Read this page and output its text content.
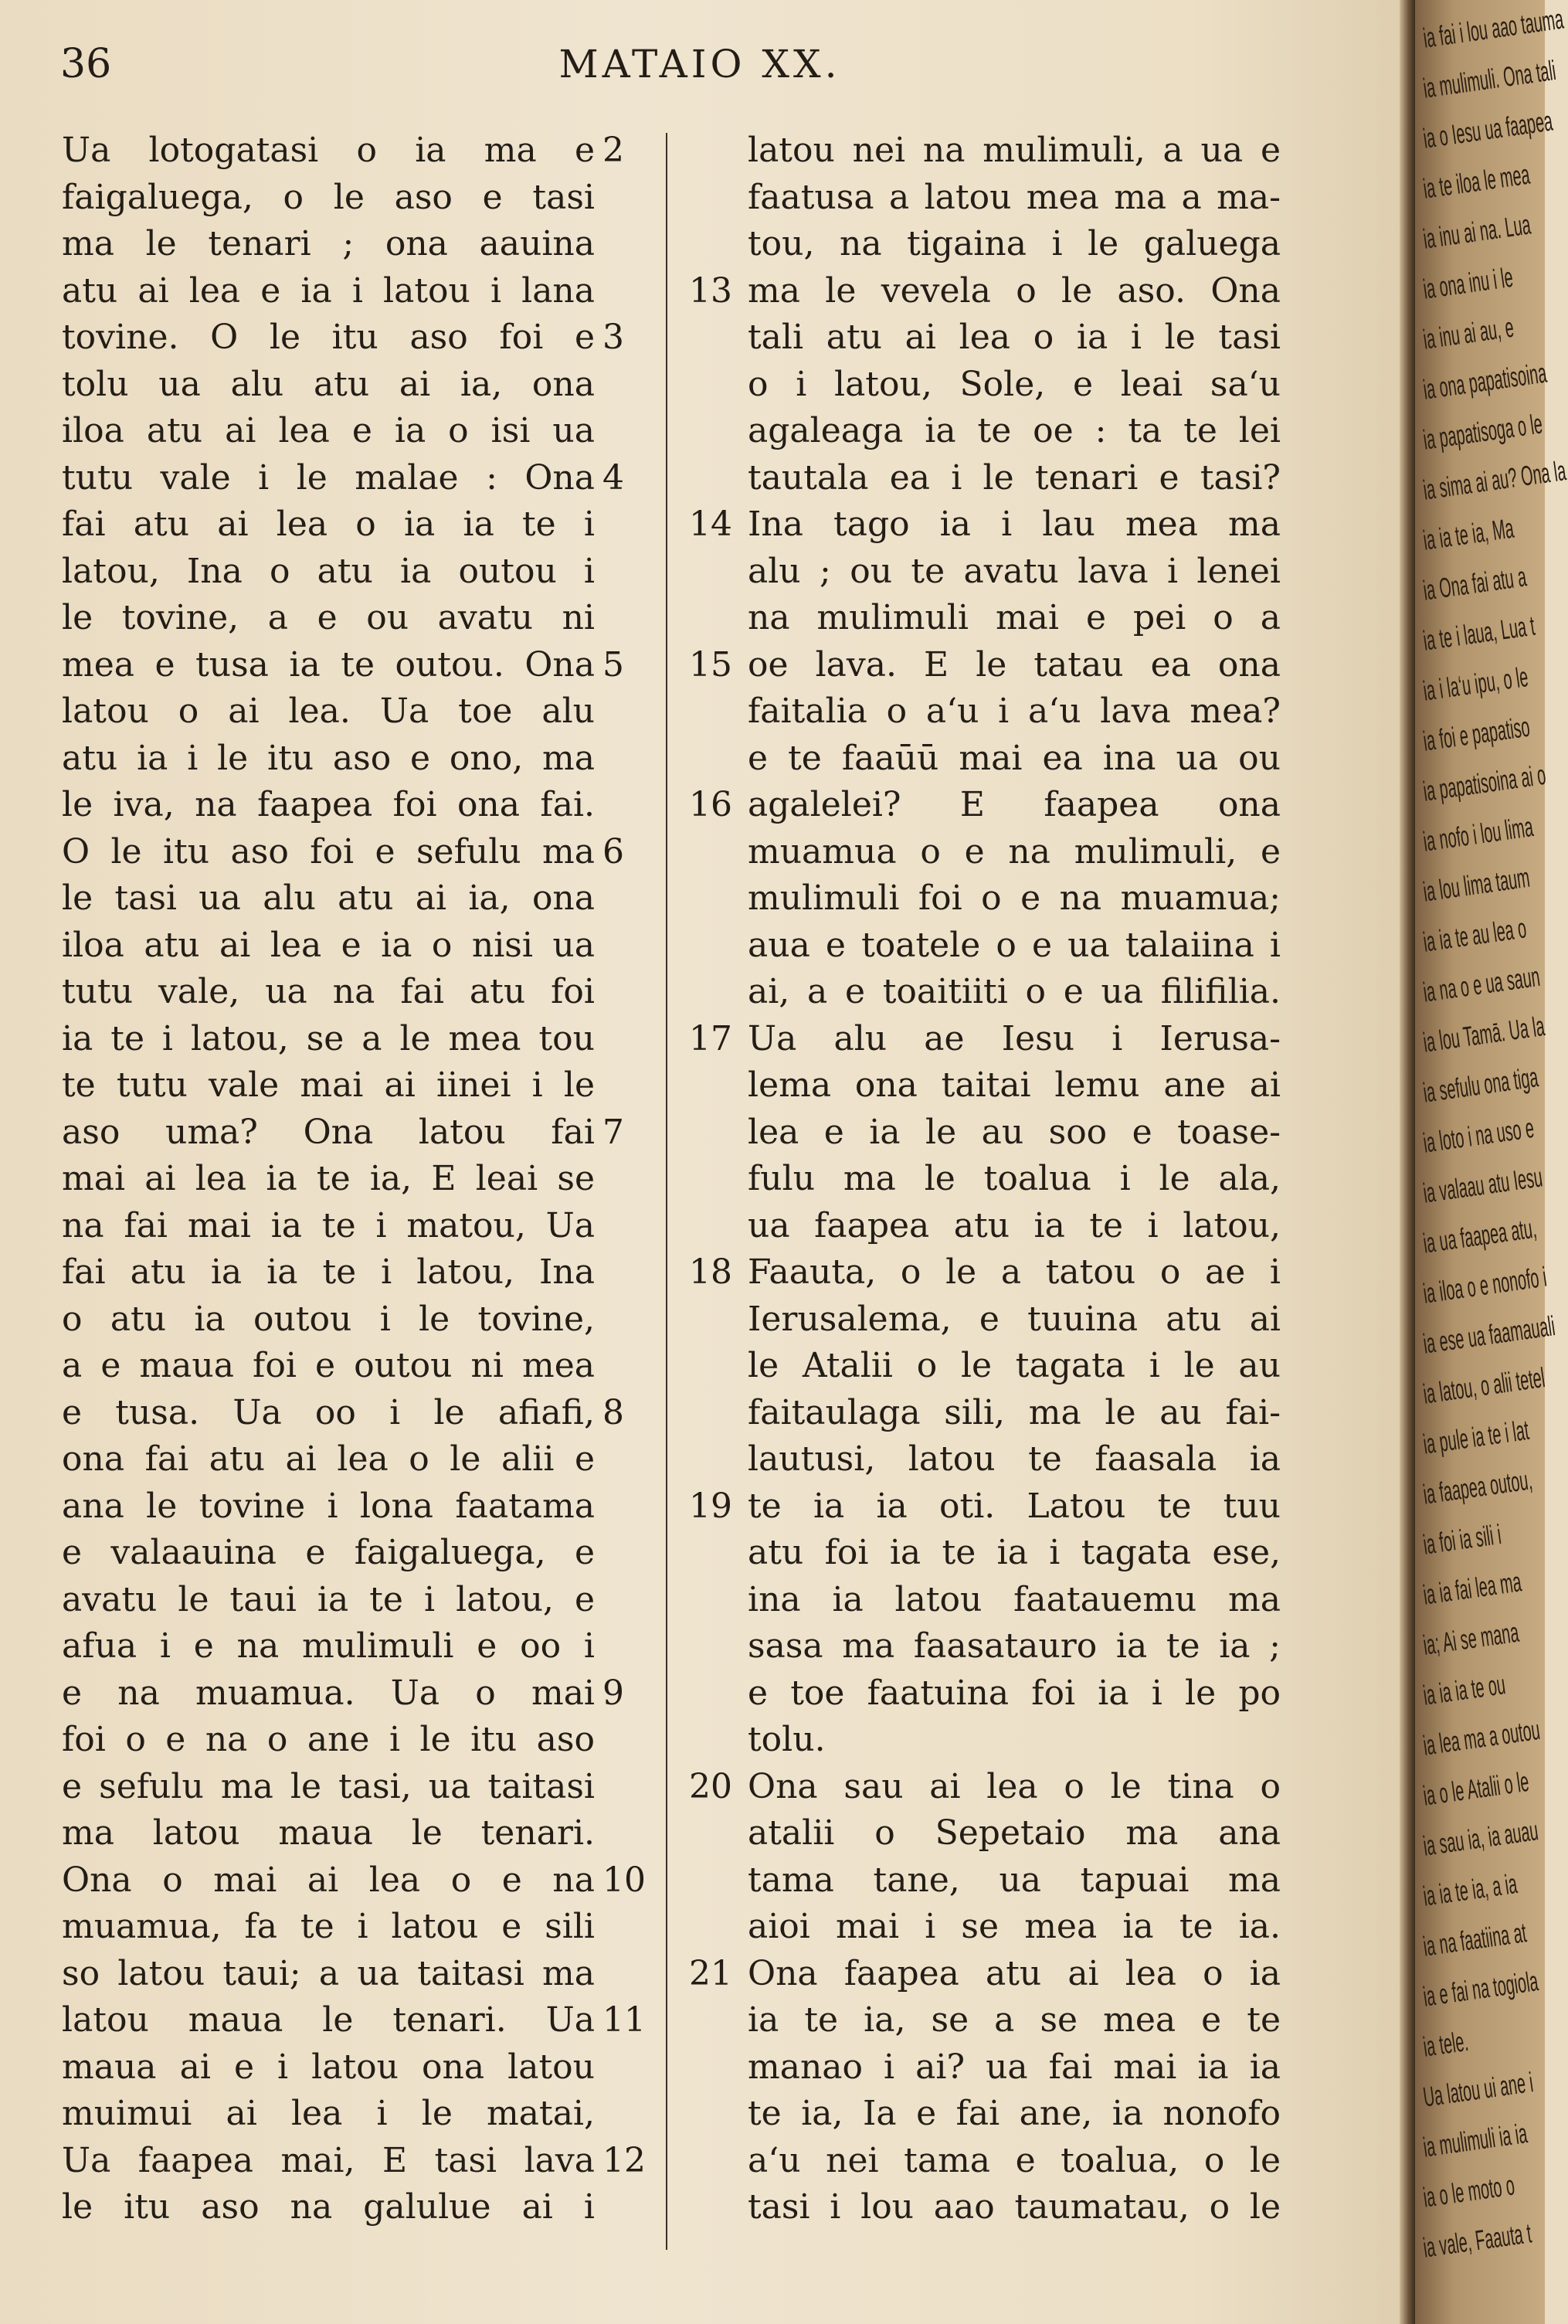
36	MATAIO XX.
Ua lotogatasi o ia ma e 2
faigaluega, o le aso e tasi
ma le tenari ; ona aauina
atu ai lea e ia i latou i lana
tovine. O le itu aso foi e 3
tolu ua alu atu ai ia, ona
iloa atu ai lea e ia o isi ua
tutu vale i le malae : Ona 4
fai atu ai lea o ia ia te i
latou, Ina o atu ia outou i
le tovine, a e ou avatu ni
mea e tusa ia te outou. Ona 5
latou o ai lea. Ua toe alu
atu ia i le itu aso e ono, ma
le iva, na faapea foi ona fai.
O le itu aso foi e sefulu ma 6
le tasi ua alu atu ai ia, ona
iloa atu ai lea e ia o nisi ua
tutu vale, ua na fai atu foi
ia te i latou, se a le mea tou
te tutu vale mai ai iinei i le
aso uma? Ona latou fai 7
mai ai lea ia te ia, E leai se
na fai mai ia te i matou, Ua
fai atu ia ia te i latou, Ina
o atu ia outou i le tovine,
a e maua foi e outou ni mea
e tusa. Ua oo i le afiafi, 8
ona fai atu ai lea o le alii e
ana le tovine i lona faatama
e valaauina e faigaluega, e
avatu le taui ia te i latou, e
afua i e na mulimuli e oo i
e na muamua. Ua o mai 9
foi o e na o ane i le itu aso
e sefulu ma le tasi, ua taitasi
ma latou maua le tenari.
Ona o mai ai lea o e na 10
muamua, fa te i latou e sili
so latou taui; a ua taitasi ma
latou maua le tenari. Ua 11
maua ai e i latou ona latou
muimui ai lea i le matai,
Ua faapea mai, E tasi lava 12
le itu aso na galulue ai i
latou nei na mulimuli, a ua e
faatusa a latou mea ma a ma-
tou, na tigaina i le galuega
13 ma le vevela o le aso. Ona
tali atu ai lea o ia i le tasi
o i latou, Sole, e leai sa‘u
agaleaga ia te oe : ta te lei
tautala ea i le tenari e tasi?
14 Ina tago ia i lau mea ma
alu ; ou te avatu lava i lenei
na mulimuli mai e pei o a
15 oe lava. E le tatau ea ona
faitalia o a‘u i a‘u lava mea?
e te faaūū mai ea ina ua ou
16 agalelei? E faapea ona
muamua o e na mulimuli, e
mulimuli foi o e na muamua;
aua e toatele o e ua talaiina i
ai, a e toaitiiti o e ua filifilia.
17 Ua alu ae Iesu i Ierusa-
lema ona taitai lemu ane ai
lea e ia le au soo e toase-
fulu ma le toalua i le ala,
ua faapea atu ia te i latou,
18 Faauta, o le a tatou o ae i
Ierusalema, e tuuina atu ai
le Atalii o le tagata i le au
faitaulaga sili, ma le au fai-
lautusi, latou te faasala ia
19 te ia ia oti. Latou te tuu
atu foi ia te ia i tagata ese,
ina ia latou faatauemu ma
sasa ma faasatauro ia te ia ;
e toe faatuina foi ia i le po
tolu.
20 Ona sau ai lea o le tina o
atalii o Sepetaio ma ana
tama tane, ua tapuai ma
aioi mai i se mea ia te ia.
21 Ona faapea atu ai lea o ia
ia te ia, se a se mea e te
manao i ai? ua fai mai ia ia
te ia, Ia e fai ane, ia nonofo
a‘u nei tama e toalua, o le
tasi i lou aao taumatau, o le
ia fai i lou aao tauma
ia mulimuli. Ona tali
ia o Iesu ua faapea
ia te iloa le mea
ia inu ai na. Lua
ia ona inu i le
ia inu ai au, e
ia ona papatisoina
ia papatisoga o le
ia sima ai au? Ona la
ia ia te ia, Ma
ia Ona fai atu a
ia te i laua, Lua t
ia i la‘u ipu, o le
ia foi e papatiso
ia papatisoina ai o
ia nofo i lou lima
ia lou lima taum
ia ia te au lea o
ia na o e ua saun
ia lou Tamā. Ua la
ia sefulu ona tiga
ia loto i na uso e
ia valaau atu Iesu
ia ua faapea atu,
ia iloa o e nonofo i
ia ese ua faamauali
ia latou, o alii tetel
ia pule ia te i lat
ia faapea outou,
ia foi ia sili i
ia ia fai lea ma
ia; Ai se mana
ia ia ia te ou
ia lea ma a outou
ia o le Atalii o le
ia sau ia, ia auau
ia ia te ia, a ia
ia na faatiina at
ia e fai na togiola
ia tele.
Ua latou ui ane i
ia mulimuli ia ia
ia o le moto o
ia vale, Faauta t
